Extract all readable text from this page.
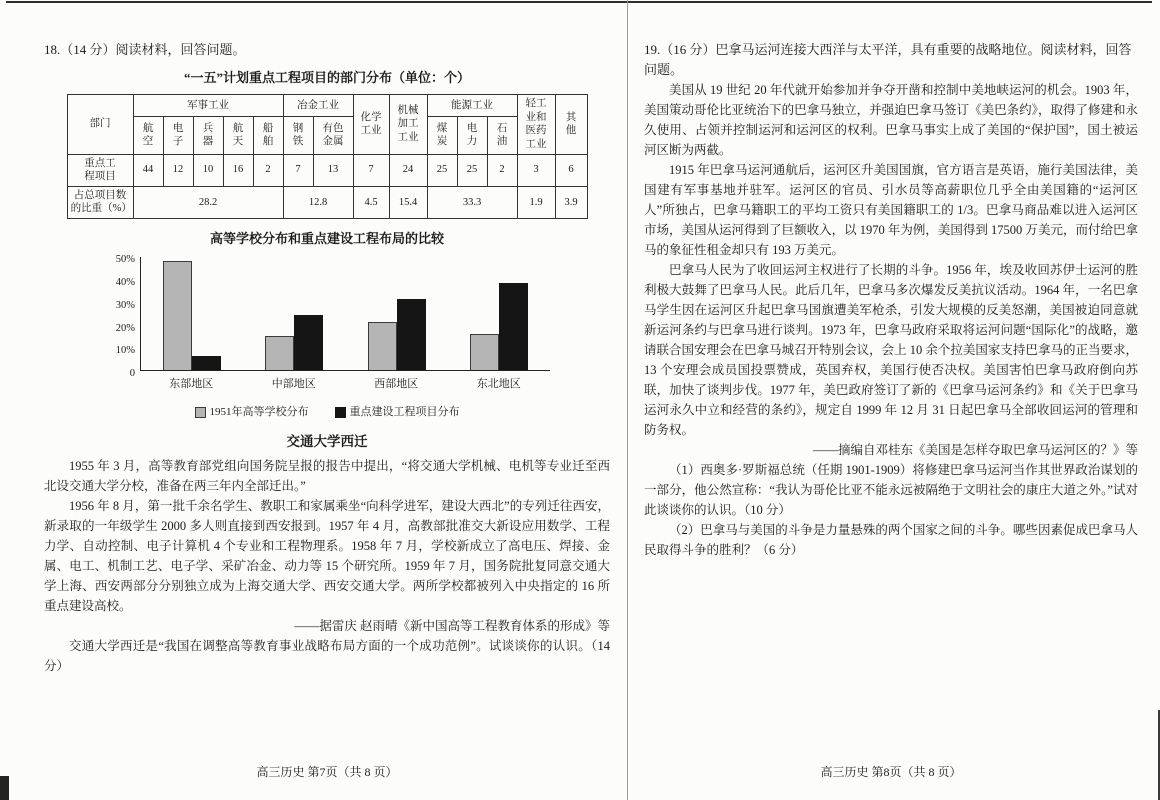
18.（14 分）阅读材料，回答问题。

“一五”计划重点工程项目的部门分布（单位：个）
部门	军事工业					冶金工业		化学工业	机械加工工业	能源工业			轻工业和医药工业	其他
	航空	电子	兵器	航天	船舶	钢铁	有色金属			煤炭	电力	石油		
重点工程项目	44	12	10	16	2	7	13	7	24	25	25	2	3	6
占总项目数的比重（%）	28.2					12.8		4.5	15.4	33.3			1.9	3.9
高等学校分布和重点建设工程布局的比较
50%
40%
30%
20%
10%
0
东部地区	中部地区	西部地区	东北地区
1951年高等学校分布	重点建设工程项目分布
交通大学西迁

1955 年 3 月，高等教育部党组向国务院呈报的报告中提出，“将交通大学机械、电机等专业迁至西北设交通大学分校，准备在两三年内全部迁出。”

1956 年 8 月，第一批千余名学生、教职工和家属乘坐“向科学进军，建设大西北”的专列迁往西安，新录取的一年级学生 2000 多人则直接到西安报到。1957 年 4 月，高教部批准交大新设应用数学、工程力学、自动控制、电子计算机 4 个专业和工程物理系。1958 年 7 月，学校新成立了高电压、焊接、金属、电工、机制工艺、电子学、采矿冶金、动力等 15 个研究所。1959 年 7 月，国务院批复同意交通大学上海、西安两部分分别独立成为上海交通大学、西安交通大学。两所学校都被列入中央指定的 16 所重点建设高校。

——据雷庆 赵雨晴《新中国高等工程教育体系的形成》等

交通大学西迁是“我国在调整高等教育事业战略布局方面的一个成功范例”。试谈谈你的认识。（14 分）

19.（16 分）巴拿马运河连接大西洋与太平洋，具有重要的战略地位。阅读材料，回答问题。

美国从 19 世纪 20 年代就开始参加并争夺开凿和控制中美地峡运河的机会。1903 年，美国策动哥伦比亚统治下的巴拿马独立，并强迫巴拿马签订《美巴条约》，取得了修建和永久使用、占领并控制运河和运河区的权利。巴拿马事实上成了美国的“保护国”，国土被运河区断为两截。

1915 年巴拿马运河通航后，运河区升美国国旗，官方语言是英语，施行美国法律，美国建有军事基地并驻军。运河区的官员、引水员等高薪职位几乎全由美国籍的“运河区人”所独占，巴拿马籍职工的平均工资只有美国籍职工的 1/3。巴拿马商品难以进入运河区市场，美国从运河得到了巨额收入，以 1970 年为例，美国得到 17500 万美元，而付给巴拿马的象征性租金却只有 193 万美元。

巴拿马人民为了收回运河主权进行了长期的斗争。1956 年，埃及收回苏伊士运河的胜利极大鼓舞了巴拿马人民。此后几年，巴拿马多次爆发反美抗议活动。1964 年，一名巴拿马学生因在运河区升起巴拿马国旗遭美军枪杀，引发大规模的反美怒潮，美国被迫同意就新运河条约与巴拿马进行谈判。1973 年，巴拿马政府采取将运河问题“国际化”的战略，邀请联合国安理会在巴拿马城召开特别会议，会上 10 余个拉美国家支持巴拿马的正当要求，13 个安理会成员国投票赞成，英国弃权，美国行使否决权。美国害怕巴拿马政府倒向苏联，加快了谈判步伐。1977 年，美巴政府签订了新的《巴拿马运河条约》和《关于巴拿马运河永久中立和经营的条约》，规定自 1999 年 12 月 31 日起巴拿马全部收回运河的管理和防务权。

——摘编自邓桂东《美国是怎样夺取巴拿马运河区的？》等

（1）西奥多·罗斯福总统（任期 1901-1909）将修建巴拿马运河当作其世界政治谋划的一部分，他公然宣称：“我认为哥伦比亚不能永远被隔绝于文明社会的康庄大道之外。”试对此谈谈你的认识。（10 分）

（2）巴拿马与美国的斗争是力量悬殊的两个国家之间的斗争。哪些因素促成巴拿马人民取得斗争的胜利？（6 分）

高三历史 第7页（共 8 页）	高三历史 第8页（共 8 页）
